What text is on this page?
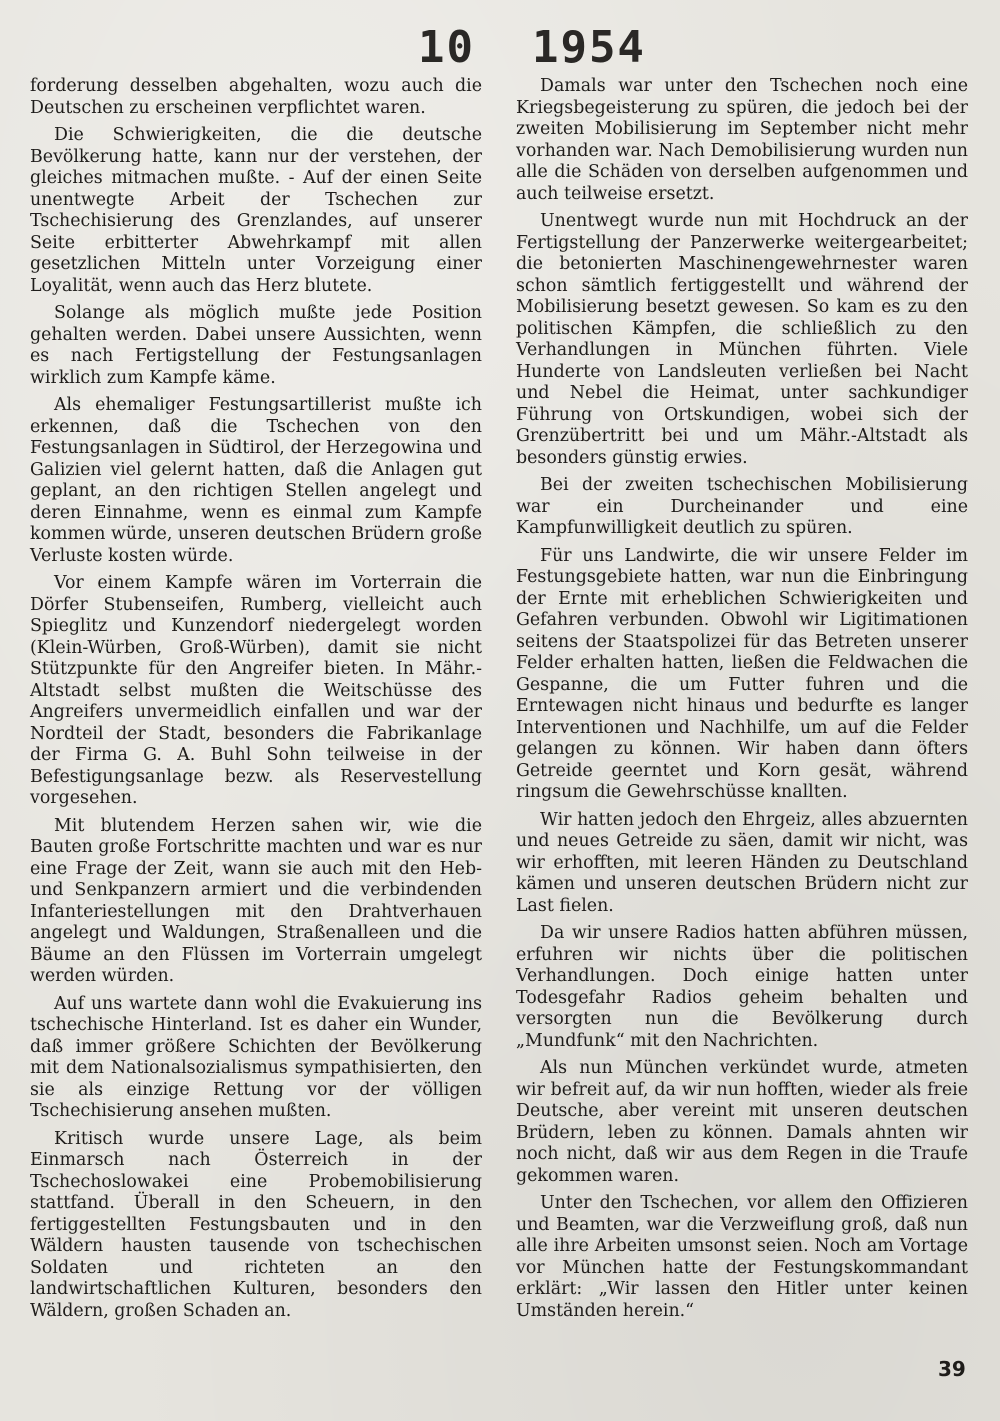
10  1954

forderung desselben abgehalten, wozu auch die Deutschen zu erscheinen verpflichtet waren.

Die Schwierigkeiten, die die deutsche Bevölkerung hatte, kann nur der verstehen, der gleiches mitmachen mußte. - Auf der einen Seite unentwegte Arbeit der Tschechen zur Tschechisierung des Grenzlandes, auf unserer Seite erbitterter Abwehrkampf mit allen gesetzlichen Mitteln unter Vorzeigung einer Loyalität, wenn auch das Herz blutete.

Solange als möglich mußte jede Position gehalten werden. Dabei unsere Aussichten, wenn es nach Fertigstellung der Festungsanlagen wirklich zum Kampfe käme.

Als ehemaliger Festungsartillerist mußte ich erkennen, daß die Tschechen von den Festungsanlagen in Südtirol, der Herzegowina und Galizien viel gelernt hatten, daß die Anlagen gut geplant, an den richtigen Stellen angelegt und deren Einnahme, wenn es einmal zum Kampfe kommen würde, unseren deutschen Brüdern große Verluste kosten würde.

Vor einem Kampfe wären im Vorterrain die Dörfer Stubenseifen, Rumberg, vielleicht auch Spieglitz und Kunzendorf niedergelegt worden (Klein-Würben, Groß-Würben), damit sie nicht Stützpunkte für den Angreifer bieten. In Mähr.-Altstadt selbst mußten die Weitschüsse des Angreifers unvermeidlich einfallen und war der Nordteil der Stadt, besonders die Fabrikanlage der Firma G. A. Buhl Sohn teilweise in der Befestigungsanlage bezw. als Reservestellung vorgesehen.

Mit blutendem Herzen sahen wir, wie die Bauten große Fortschritte machten und war es nur eine Frage der Zeit, wann sie auch mit den Heb- und Senkpanzern armiert und die verbindenden Infanteriestellungen mit den Drahtverhauen angelegt und Waldungen, Straßenalleen und die Bäume an den Flüssen im Vorterrain umgelegt werden würden.

Auf uns wartete dann wohl die Evakuierung ins tschechische Hinterland. Ist es daher ein Wunder, daß immer größere Schichten der Bevölkerung mit dem Nationalsozialismus sympathisierten, den sie als einzige Rettung vor der völligen Tschechisierung ansehen mußten.

Kritisch wurde unsere Lage, als beim Einmarsch nach Österreich in der Tschechoslowakei eine Probemobilisierung stattfand. Überall in den Scheuern, in den fertiggestellten Festungsbauten und in den Wäldern hausten tausende von tschechischen Soldaten und richteten an den landwirtschaftlichen Kulturen, besonders den Wäldern, großen Schaden an.

Damals war unter den Tschechen noch eine Kriegsbegeisterung zu spüren, die jedoch bei der zweiten Mobilisierung im September nicht mehr vorhanden war. Nach Demobilisierung wurden nun alle die Schäden von derselben aufgenommen und auch teilweise ersetzt.

Unentwegt wurde nun mit Hochdruck an der Fertigstellung der Panzerwerke weitergearbeitet; die betonierten Maschinengewehrnester waren schon sämtlich fertiggestellt und während der Mobilisierung besetzt gewesen. So kam es zu den politischen Kämpfen, die schließlich zu den Verhandlungen in München führten. Viele Hunderte von Landsleuten verließen bei Nacht und Nebel die Heimat, unter sachkundiger Führung von Ortskundigen, wobei sich der Grenzübertritt bei und um Mähr.-Altstadt als besonders günstig erwies.

Bei der zweiten tschechischen Mobilisierung war ein Durcheinander und eine Kampfunwilligkeit deutlich zu spüren.

Für uns Landwirte, die wir unsere Felder im Festungsgebiete hatten, war nun die Einbringung der Ernte mit erheblichen Schwierigkeiten und Gefahren verbunden. Obwohl wir Ligitimationen seitens der Staatspolizei für das Betreten unserer Felder erhalten hatten, ließen die Feldwachen die Gespanne, die um Futter fuhren und die Erntewagen nicht hinaus und bedurfte es langer Interventionen und Nachhilfe, um auf die Felder gelangen zu können. Wir haben dann öfters Getreide geerntet und Korn gesät, während ringsum die Gewehrschüsse knallten.

Wir hatten jedoch den Ehrgeiz, alles abzuernten und neues Getreide zu säen, damit wir nicht, was wir erhofften, mit leeren Händen zu Deutschland kämen und unseren deutschen Brüdern nicht zur Last fielen.

Da wir unsere Radios hatten abführen müssen, erfuhren wir nichts über die politischen Verhandlungen. Doch einige hatten unter Todesgefahr Radios geheim behalten und versorgten nun die Bevölkerung durch „Mundfunk“ mit den Nachrichten.

Als nun München verkündet wurde, atmeten wir befreit auf, da wir nun hofften, wieder als freie Deutsche, aber vereint mit unseren deutschen Brüdern, leben zu können. Damals ahnten wir noch nicht, daß wir aus dem Regen in die Traufe gekommen waren.

Unter den Tschechen, vor allem den Offizieren und Beamten, war die Verzweiflung groß, daß nun alle ihre Arbeiten umsonst seien. Noch am Vortage vor München hatte der Festungskommandant erklärt: „Wir lassen den Hitler unter keinen Umständen herein.“

39
